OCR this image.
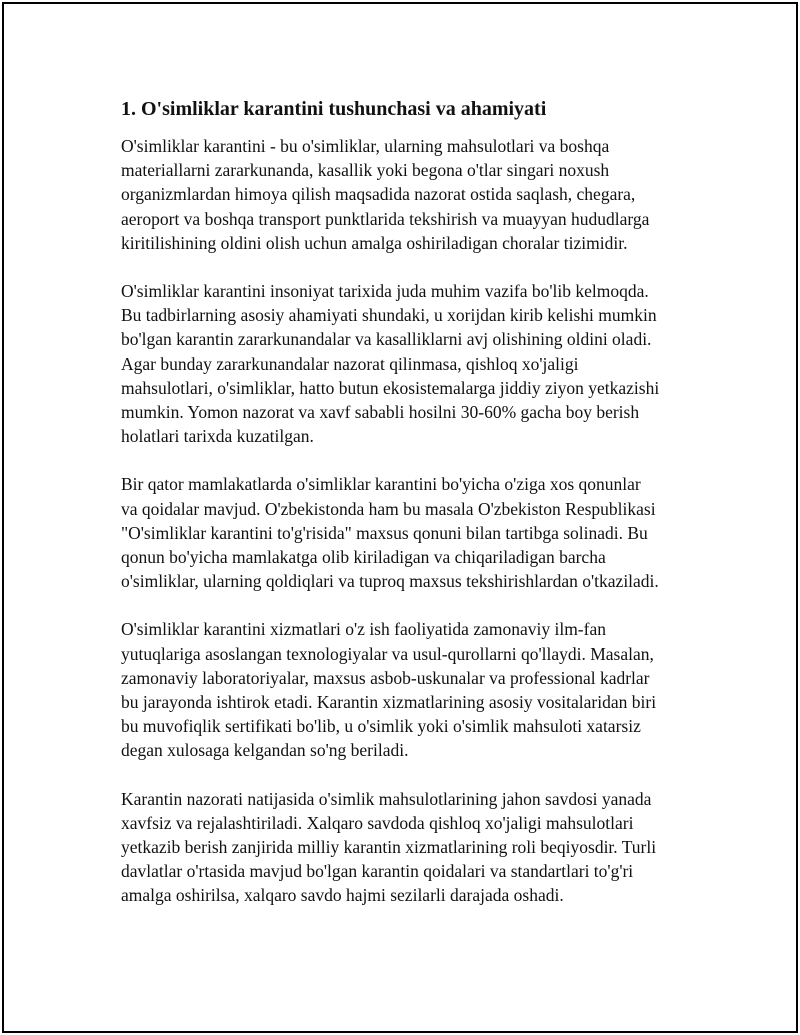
1. O'simliklar karantini tushunchasi va ahamiyati
O'simliklar karantini - bu o'simliklar, ularning mahsulotlari va boshqa
materiallarni zararkunanda, kasallik yoki begona o'tlar singari noxush
organizmlardan himoya qilish maqsadida nazorat ostida saqlash, chegara,
aeroport va boshqa transport punktlarida tekshirish va muayyan hududlarga
kiritilishining oldini olish uchun amalga oshiriladigan choralar tizimidir.
O'simliklar karantini insoniyat tarixida juda muhim vazifa bo'lib kelmoqda.
Bu tadbirlarning asosiy ahamiyati shundaki, u xorijdan kirib kelishi mumkin
bo'lgan karantin zararkunandalar va kasalliklarni avj olishining oldini oladi.
Agar bunday zararkunandalar nazorat qilinmasa, qishloq xo'jaligi
mahsulotlari, o'simliklar, hatto butun ekosistemalarga jiddiy ziyon yetkazishi
mumkin. Yomon nazorat va xavf sababli hosilni 30-60% gacha boy berish
holatlari tarixda kuzatilgan.
Bir qator mamlakatlarda o'simliklar karantini bo'yicha o'ziga xos qonunlar
va qoidalar mavjud. O'zbekistonda ham bu masala O'zbekiston Respublikasi
"O'simliklar karantini to'g'risida" maxsus qonuni bilan tartibga solinadi. Bu
qonun bo'yicha mamlakatga olib kiriladigan va chiqariladigan barcha
o'simliklar, ularning qoldiqlari va tuproq maxsus tekshirishlardan o'tkaziladi.
O'simliklar karantini xizmatlari o'z ish faoliyatida zamonaviy ilm-fan
yutuqlariga asoslangan texnologiyalar va usul-qurollarni qo'llaydi. Masalan,
zamonaviy laboratoriyalar, maxsus asbob-uskunalar va professional kadrlar
bu jarayonda ishtirok etadi. Karantin xizmatlarining asosiy vositalaridan biri
bu muvofiqlik sertifikati bo'lib, u o'simlik yoki o'simlik mahsuloti xatarsiz
degan xulosaga kelgandan so'ng beriladi.
Karantin nazorati natijasida o'simlik mahsulotlarining jahon savdosi yanada
xavfsiz va rejalashtiriladi. Xalqaro savdoda qishloq xo'jaligi mahsulotlari
yetkazib berish zanjirida milliy karantin xizmatlarining roli beqiyosdir. Turli
davlatlar o'rtasida mavjud bo'lgan karantin qoidalari va standartlari to'g'ri
amalga oshirilsa, xalqaro savdo hajmi sezilarli darajada oshadi.
